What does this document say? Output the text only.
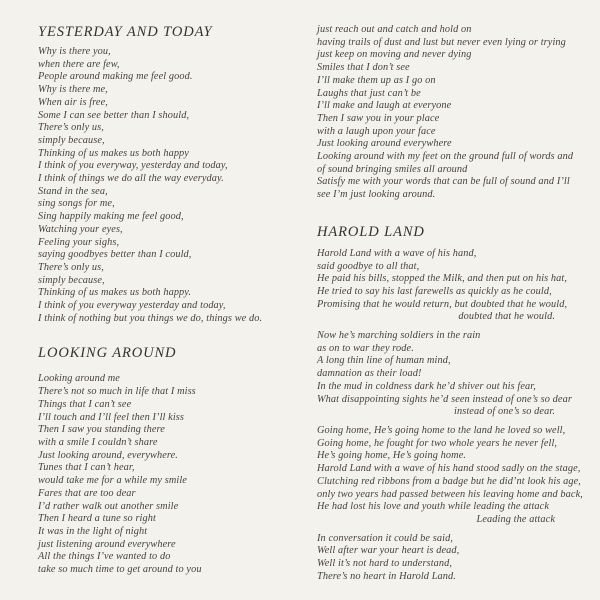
YESTERDAY AND TODAY
Why is there you,
when there are few,
People around making me feel good.
Why is there me,
When air is free,
Some I can see better than I should,
There’s only us,
simply because,
Thinking of us makes us both happy
I think of you everyway, yesterday and today,
I think of things we do all the way everyday.
Stand in the sea,
sing songs for me,
Sing happily making me feel good,
Watching your eyes,
Feeling your sighs,
saying goodbyes better than I could,
There’s only us,
simply because,
Thinking of us makes us both happy.
I think of you everyway yesterday and today,
I think of nothing but you things we do, things we do.
LOOKING AROUND
Looking around me
There’s not so much in life that I miss
Things that I can’t see
I’ll touch and I’ll feel then I’ll kiss
Then I saw you standing there
with a smile I couldn’t share
Just looking around, everywhere.
Tunes that I can’t hear,
would take me for a while my smile
Fares that are too dear
I’d rather walk out another smile
Then I heard a tune so right
It was in the light of night
just listening around everywhere
All the things I’ve wanted to do
take so much time to get around to you
just reach out and catch and hold on
having trails of dust and lust but never even lying or trying
just keep on moving and never dying
Smiles that I don’t see
I’ll make them up as I go on
Laughs that just can’t be
I’ll make and laugh at everyone
Then I saw you in your place
with a laugh upon your face
Just looking around everywhere
Looking around with my feet on the ground full of words and
of sound bringing smiles all around
Satisfy me with your words that can be full of sound and I’ll
see I’m just looking around.
HAROLD LAND
Harold Land with a wave of his hand,
said goodbye to all that,
He paid his bills, stopped the Milk, and then put on his hat,
He tried to say his last farewells as quickly as he could,
Promising that he would return, but doubted that he would,
doubted that he would.
Now he’s marching soldiers in the rain
as on to war they rode.
A long thin line of human mind,
damnation as their load!
In the mud in coldness dark he’d shiver out his fear,
What disappointing sights he’d seen instead of one’s so dear
instead of one’s so dear.
Going home, He’s going home to the land he loved so well,
Going home, he fought for two whole years he never fell,
He’s going home, He’s going home.
Harold Land with a wave of his hand stood sadly on the stage,
Clutching red ribbons from a badge but he did’nt look his age,
only two years had passed between his leaving home and back,
He had lost his love and youth while leading the attack
Leading the attack
In conversation it could be said,
Well after war your heart is dead,
Well it’s not hard to understand,
There’s no heart in Harold Land.
